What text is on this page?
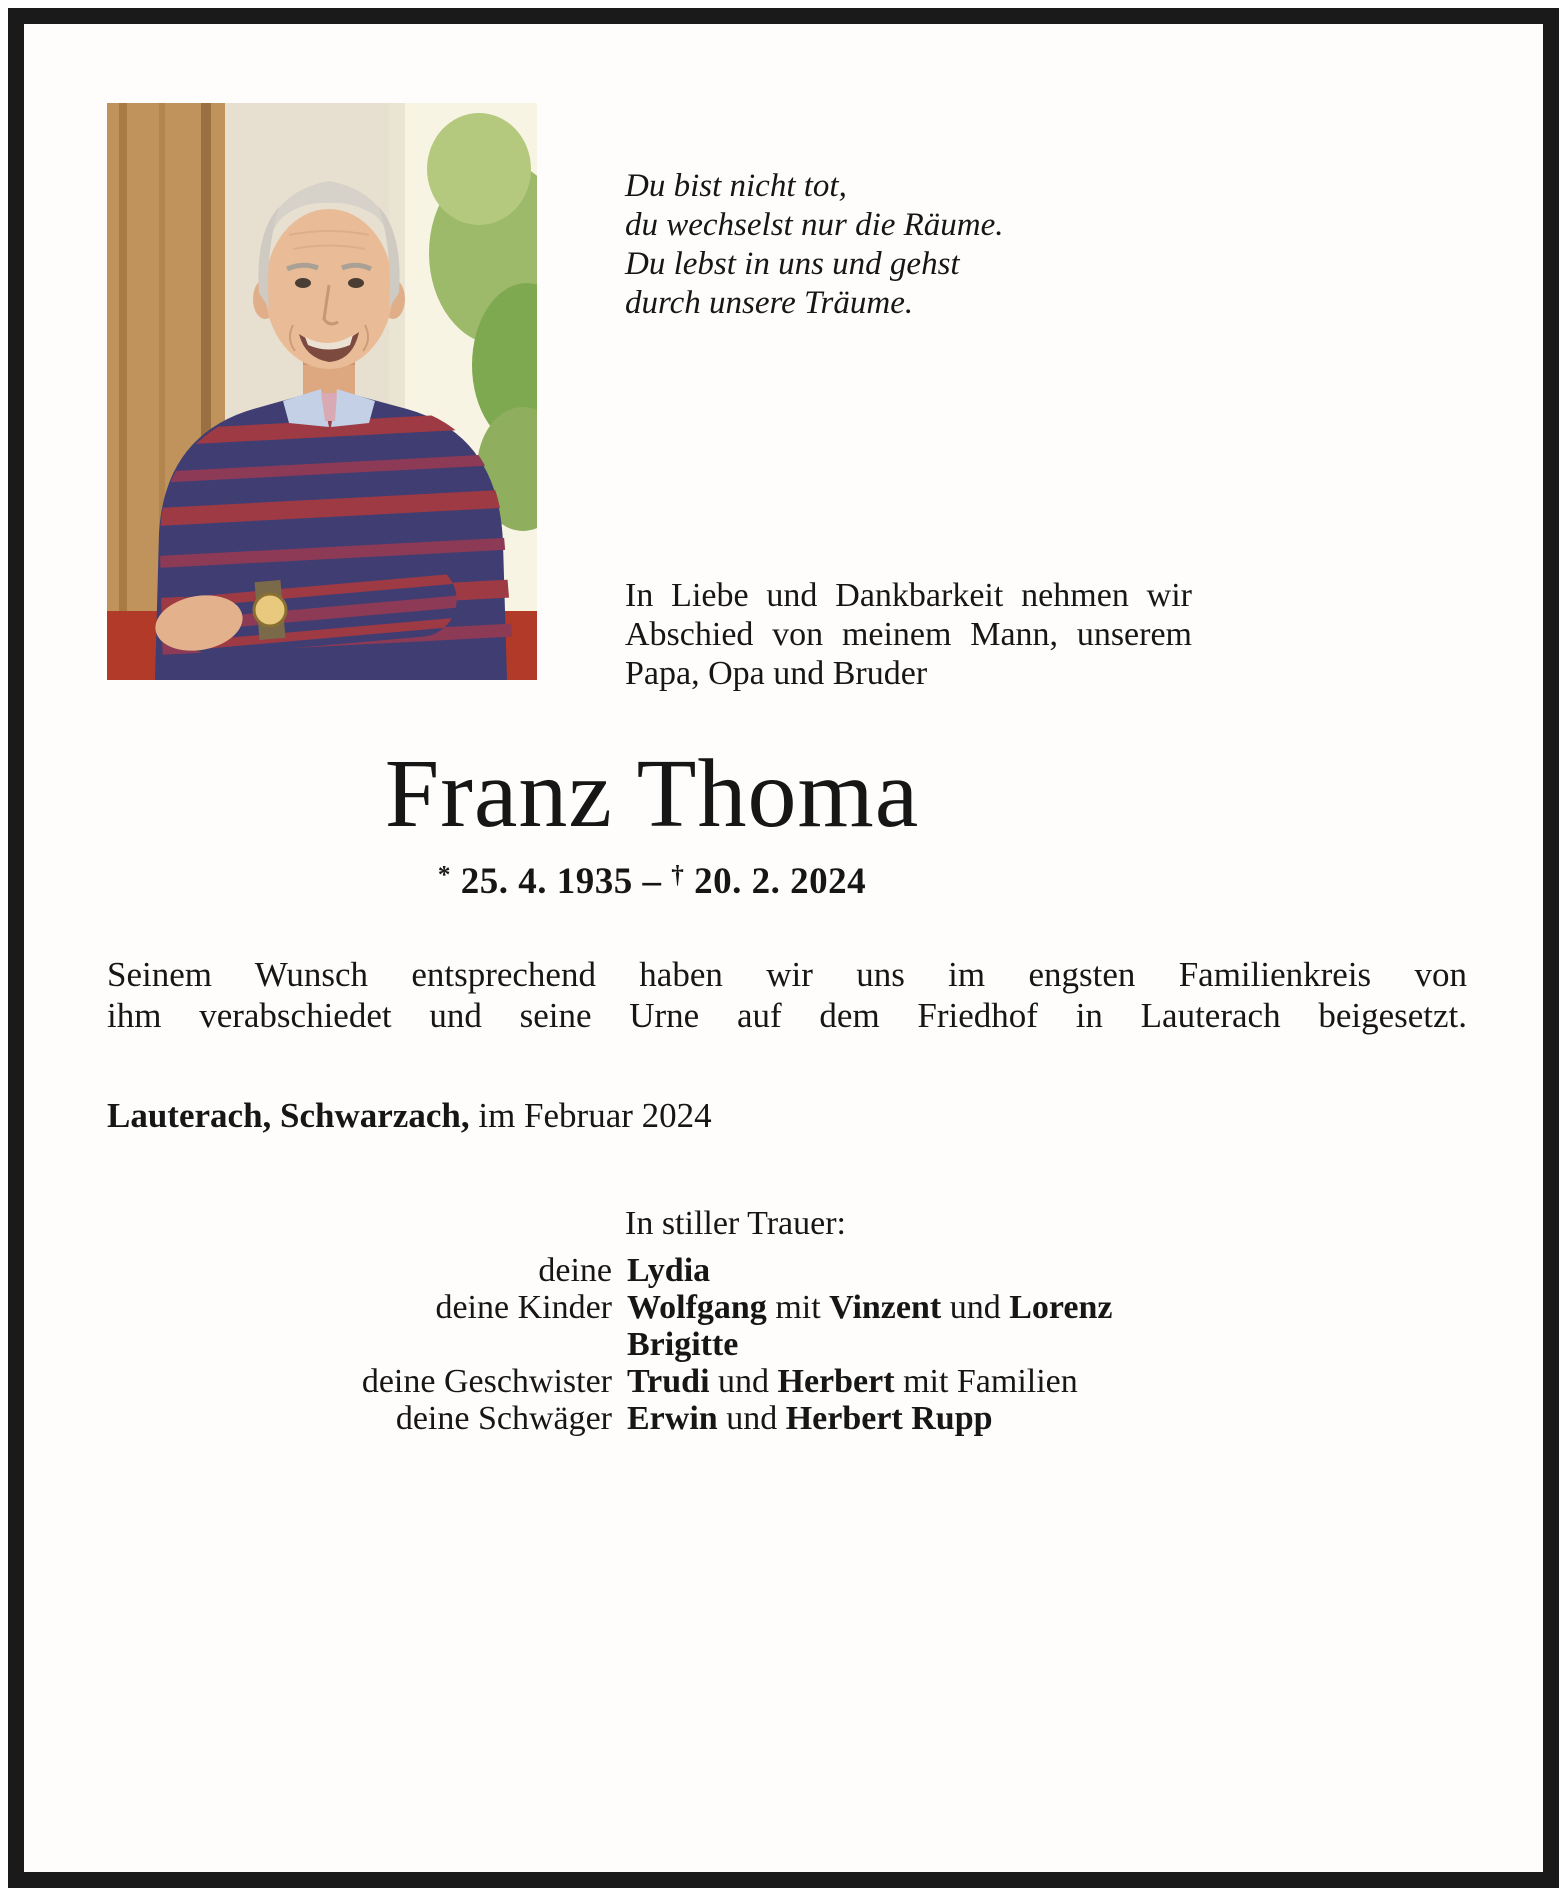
Du bist nicht tot,
du wechselst nur die Räume.
Du lebst in uns und gehst
durch unsere Träume.
In Liebe und Dankbarkeit nehmen wir
Abschied von meinem Mann, unserem
Papa, Opa und Bruder
Franz Thoma
* 25. 4. 1935 – † 20. 2. 2024
Seinem Wunsch entsprechend haben wir uns im engsten Familienkreis von
ihm verabschiedet und seine Urne auf dem Friedhof in Lauterach beigesetzt.
Lauterach, Schwarzach, im Februar 2024
In stiller Trauer:
deine Lydia
deine Kinder Wolfgang mit Vinzent und Lorenz
Brigitte
deine Geschwister Trudi und Herbert mit Familien
deine Schwäger Erwin und Herbert Rupp
